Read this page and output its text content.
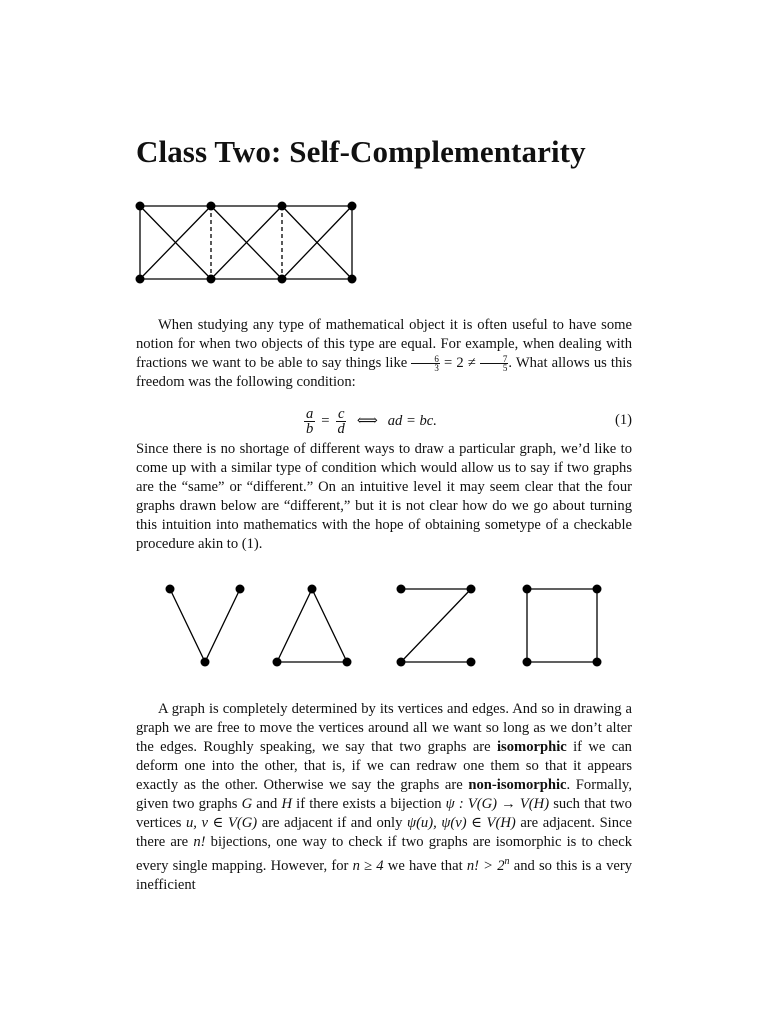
Class Two: Self-Complementarity

When studying any type of mathematical object it is often useful to have some notion for when two objects of this type are equal. For example, when dealing with fractions we want to be able to say things like $\frac{6}{3} = 2 \ne \frac{7}{5}$ . What allows us this freedom was the following condition:

$\frac{a}{b} = \frac{c}{d}$ ⟺ ad = bc.	(1)

Since there is no shortage of different ways to draw a particular graph, we’d like to come up with a similar type of condition which would allow us to say if two graphs are the “same” or “different.” On an intuitive level it may seem clear that the four graphs drawn below are “different,” but it is not clear how do we go about turning this intuition into mathematics with the hope of obtaining sometype of a checkable procedure akin to (1).

A graph is completely determined by its vertices and edges. And so in drawing a graph we are free to move the vertices around all we want so long as we don’t alter the edges. Roughly speaking, we say that two graphs are isomorphic if we can deform one into the other, that is, if we can redraw one them so that it appears exactly as the other. Otherwise we say the graphs are non-isomorphic. Formally, given two graphs G and H if there exists a bijection ψ : V(G) → V(H) such that two vertices u, v ∈ V(G) are adjacent if and only ψ(u), ψ(v) ∈ V(H) are adjacent. Since there are n! bijections, one way to check if two graphs are isomorphic is to check every single mapping. However, for n ≥ 4 we have that n! > $2^n$ and so this is a very inefficient
